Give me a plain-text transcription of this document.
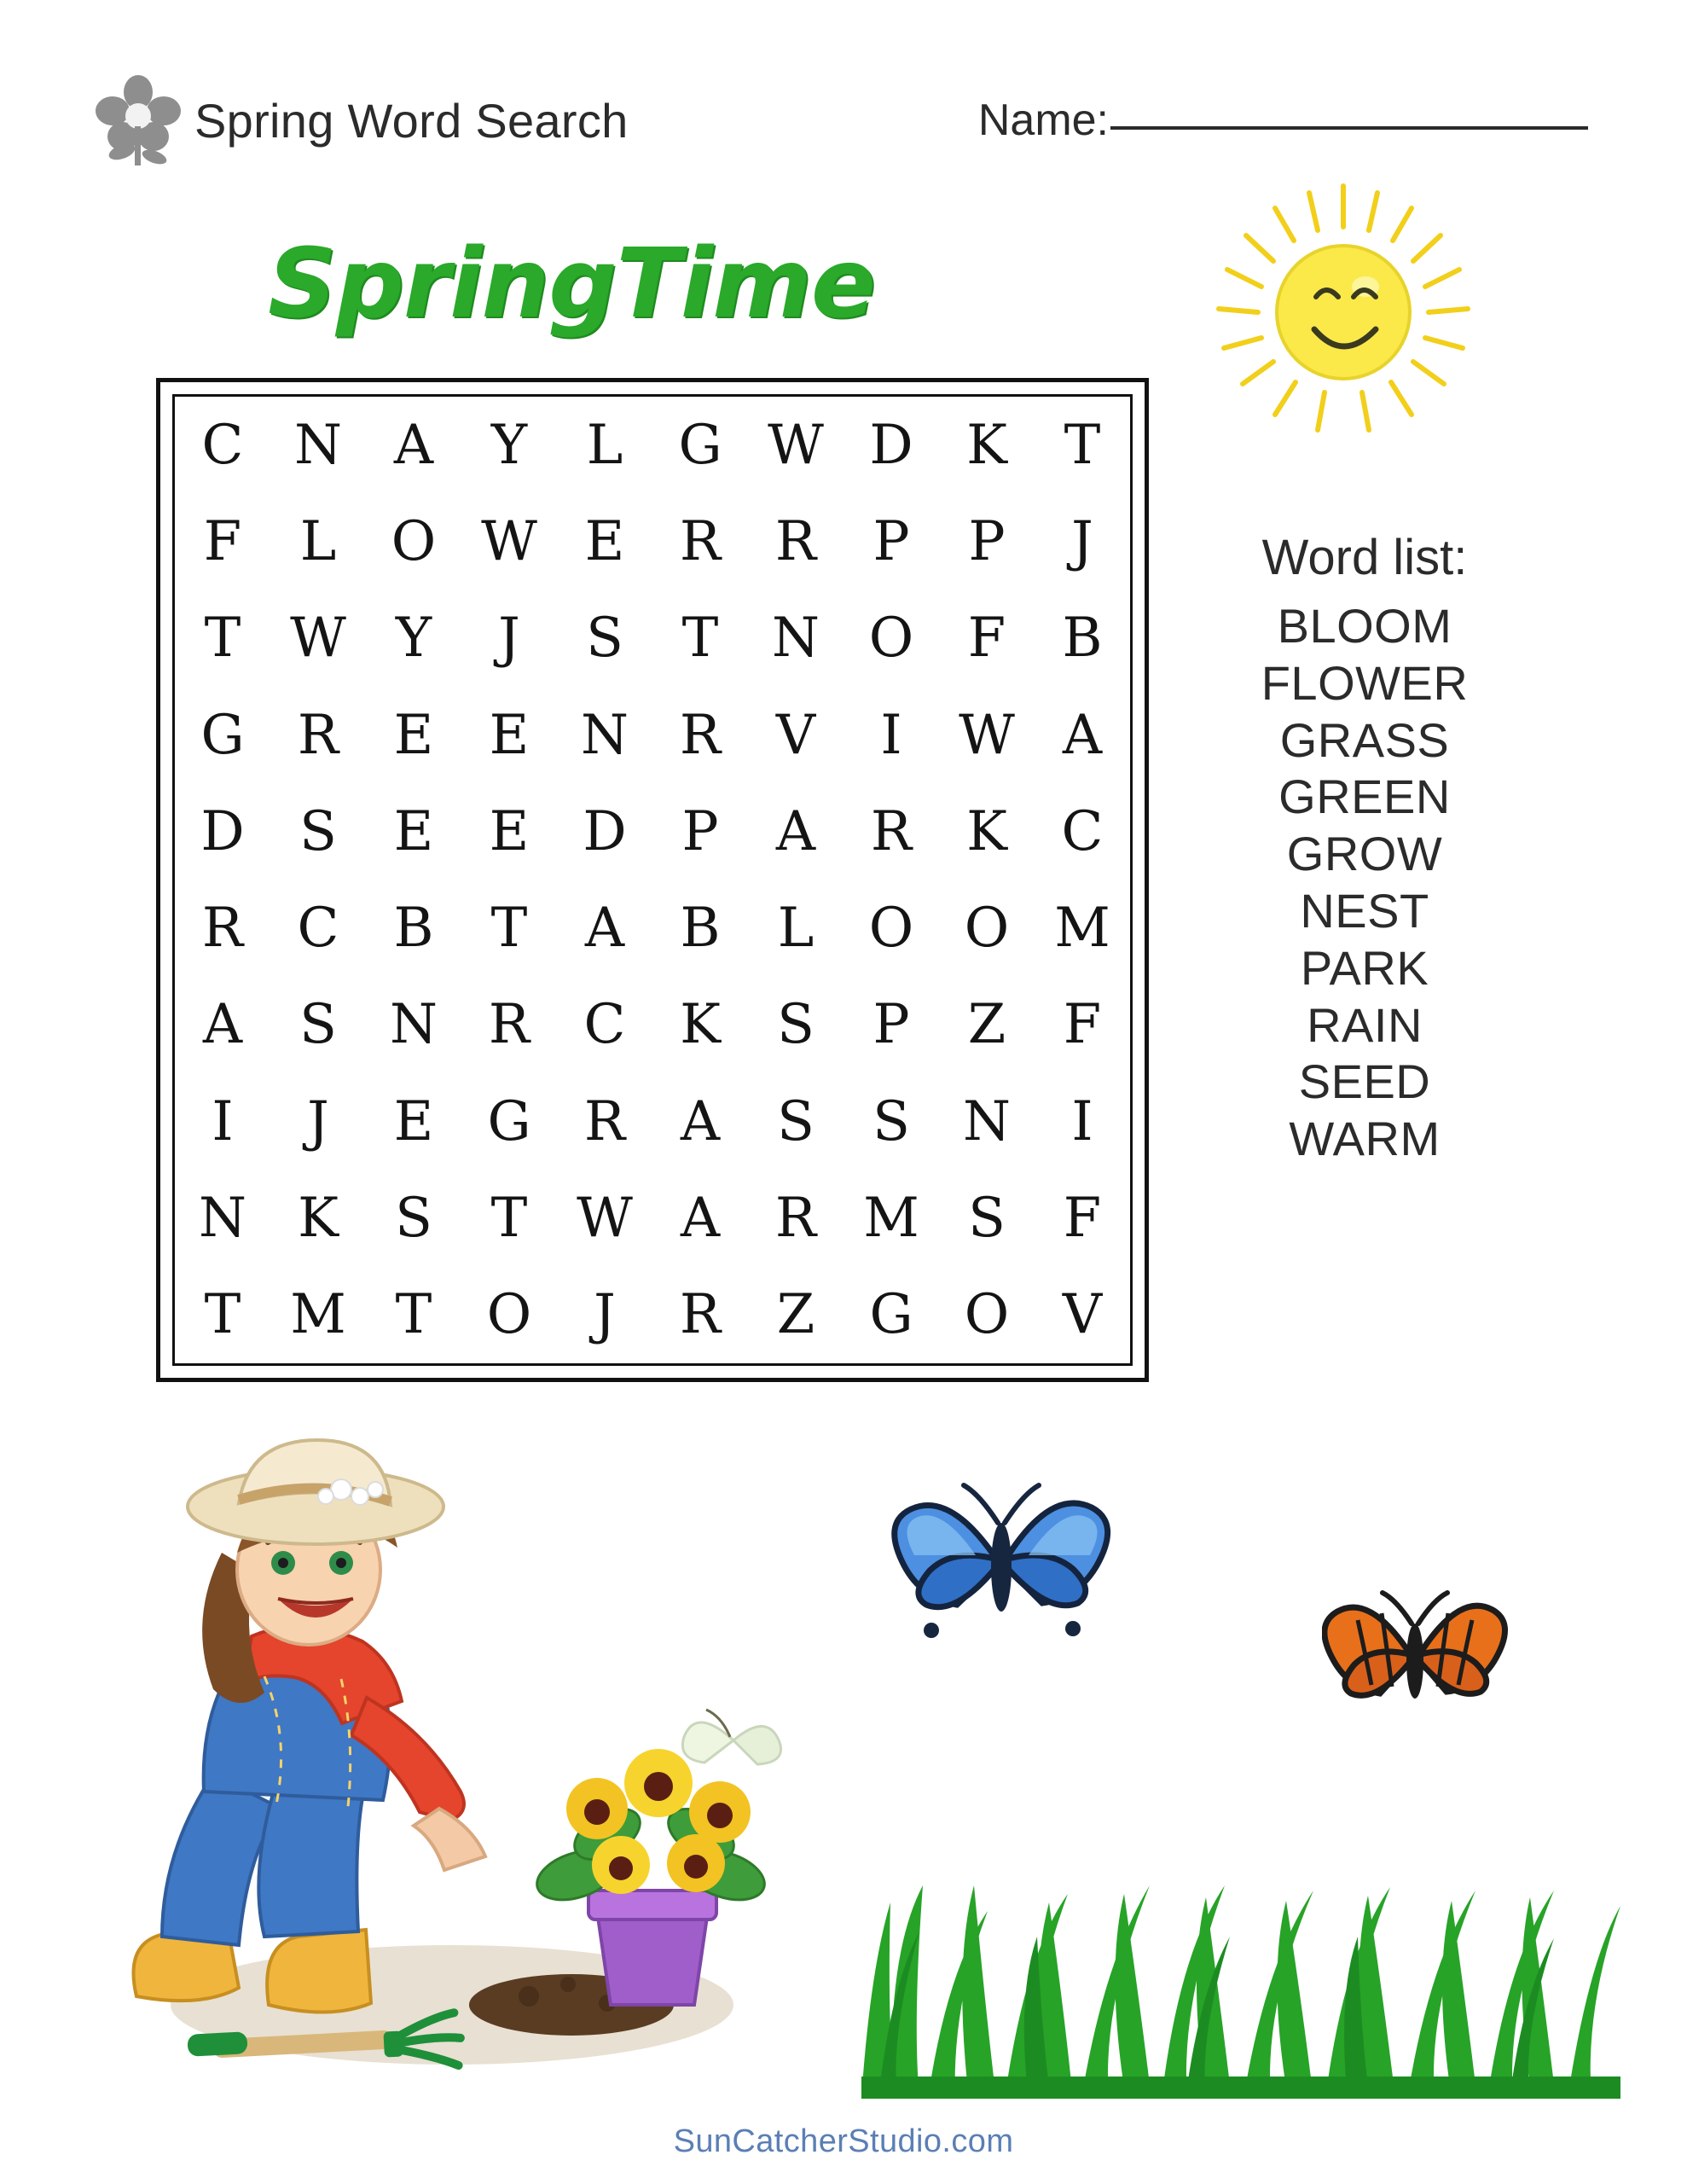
Spring Word Search	Name:
SpringTime
C N A	Y	L	G W D K	T
F	L	O W E	R R	P	P	J
T W Y	J	S	T N O F	B
G R	E	E N R	V	I	W A
D	S	E	E D	P	A	R	K C
R C	B	T	A	B	L	O O M
A	S N R C K	S	P	Z	F
I	J	E G R	A	S	S N	I
N K	S	T W A	R M S	F
T M T	O	J	R	Z	G O V
Word list:
BLOOM
FLOWER
GRASS
GREEN
GROW
NEST
PARK
RAIN
SEED
WARM
SunCatcherStudio.com
